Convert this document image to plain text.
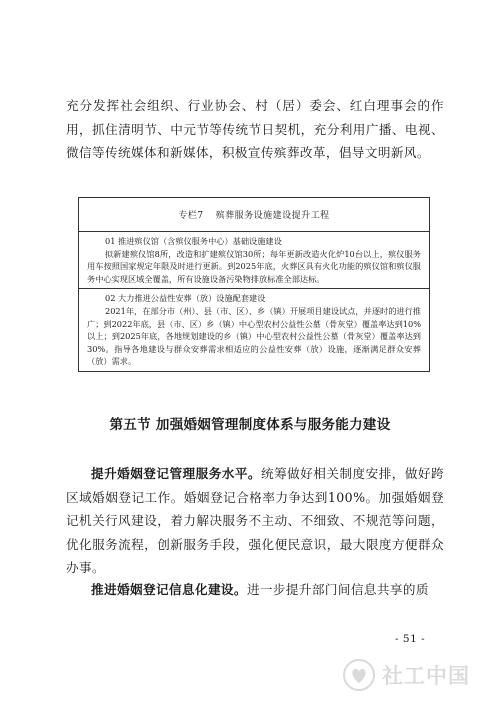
充分发挥社会组织、行业协会、村（居）委会、红白理事会的作用，抓住清明节、中元节等传统节日契机，充分利用广播、电视、微信等传统媒体和新媒体，积极宣传殡葬改革，倡导文明新风。

专栏7 殡葬服务设施建设提升工程
01 推进殡仪馆（含殡仪服务中心）基础设施建设
拟新建殡仪馆8所，改造和扩建殡仪馆30所；每年更新改造火化炉10台以上，殡仪服务用车按照国家规定年限及时进行更新。到2025年底，火葬区具有火化功能的殡仪馆和殡仪服务中心实现区域全覆盖，所有设施设备污染物排放标准全部达标。
02 大力推进公益性安葬（放）设施配套建设
2021年，在部分市（州）、县（市、区）、乡（镇）开展项目建设试点，并逐时的进行推广；到2022年底，县（市、区）乡（镇）中心型农村公益性公墓（骨灰堂）覆盖率达到10%以上；到2025年底，各地规划建设的乡（镇）中心型农村公益性公墓（骨灰堂）覆盖率达到30%。指导各地建设与群众安葬需求相适应的公益性安葬（放）设施，逐渐满足群众安葬（放）需求。
第五节 加强婚姻管理制度体系与服务能力建设

提升婚姻登记管理服务水平。统筹做好相关制度安排，做好跨区域婚姻登记工作。婚姻登记合格率力争达到100%。加强婚姻登记机关行风建设，着力解决服务不主动、不细致、不规范等问题，优化服务流程，创新服务手段，强化便民意识，最大限度方便群众办事。

推进婚姻登记信息化建设。进一步提升部门间信息共享的质

- 51 -
社工中国
